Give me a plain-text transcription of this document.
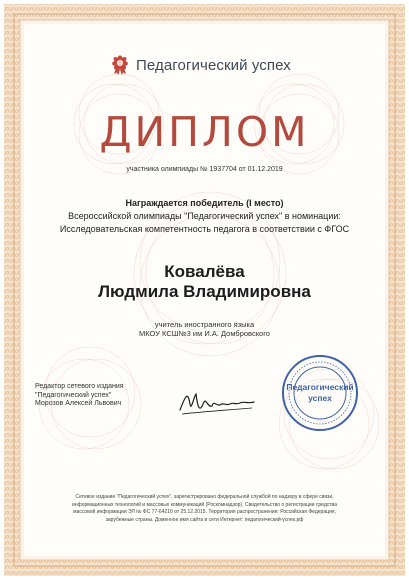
Педагогический успех
ДИПЛОМ
участника олимпиады № 1937704 от 01.12.2019
Награждается победитель (I место)
Всероссийской олимпиады "Педагогический успех" в номинации:
Исследовательская компетентность педагога в соответствии с ФГОС
Ковалёва
Людмила Владимировна
учитель иностранного языка
МКОУ КСШ№3 им И.А. Домбровского
Редактор сетевого издания
"Педагогический успех"
Морозов Алексей Львович
Педагогический
успех
Сетевое издание "Педагогический успех", зарегистрировано федеральной службой по надзору в сфере связи,
информационных технологий и массовых коммуникаций (Роскомнадзор). Свидетельство о регистрации средства
массовой информации ЭЛ № ФС 77-64210 от 25.12.2015. Территория распространения: Российская Федерация,
зарубежные страны. Доменное имя сайта в сети Интернет: педагогический-успех.рф
